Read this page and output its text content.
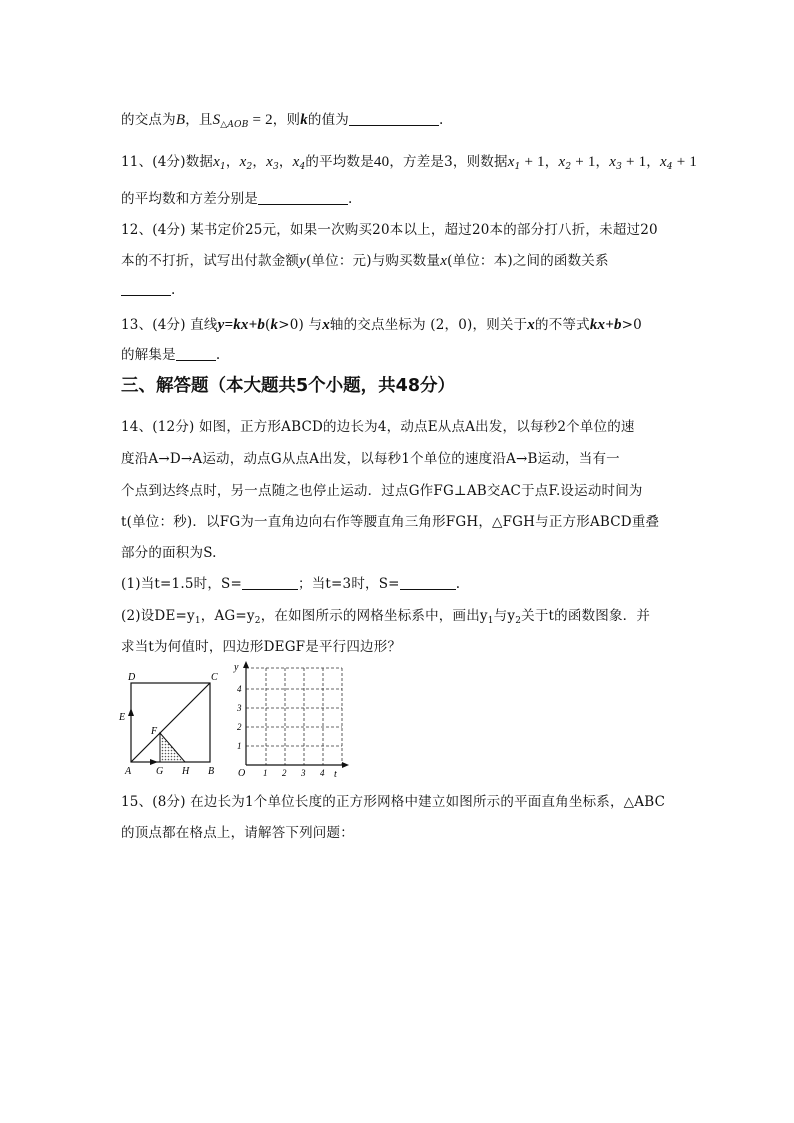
的交点为B，且$S_{\triangle AOB} = 2$，则k的值为	.
11、(4分)数据$x_1$，$x_2$，$x_3$，$x_4$的平均数是40，方差是3，则数据$x_1 + 1$，$x_2 + 1$，$x_3 + 1$，$x_4 + 1$
的平均数和方差分别是	.
12、(4分) 某书定价25元，如果一次购买20本以上，超过20本的部分打八折，未超过20
本的不打折，试写出付款金额y(单位：元)与购买数量x(单位：本)之间的函数关系
.
13、(4分) 直线y=kx+b(k>0) 与x轴的交点坐标为 (2，0)，则关于x的不等式kx+b>0
的解集是	.
三、解答题（本大题共5个小题，共48分）
14、(12分) 如图，正方形ABCD的边长为4，动点E从点A出发，以每秒2个单位的速
度沿A→D→A运动，动点G从点A出发，以每秒1个单位的速度沿A→B运动，当有一
个点到达终点时，另一点随之也停止运动．过点G作FG⊥AB交AC于点F.设运动时间为
t(单位：秒)．以FG为一直角边向右作等腰直角三角形FGH，△FGH与正方形ABCD重叠
部分的面积为S.
(1)当t=1.5时，S=	；当t=3时，S=	.
(2)设$DE=y_1$，$AG=y_2$，在如图所示的网格坐标系中，画出$y_1$与$y_2$关于t的函数图象．并
求当t为何值时，四边形DEGF是平行四边形？
D	C
E
F
A G H B
y
t
O 1 2 3 4
1
2
3
4
15、(8分) 在边长为1个单位长度的正方形网格中建立如图所示的平面直角坐标系，△ABC
的顶点都在格点上，请解答下列问题：
